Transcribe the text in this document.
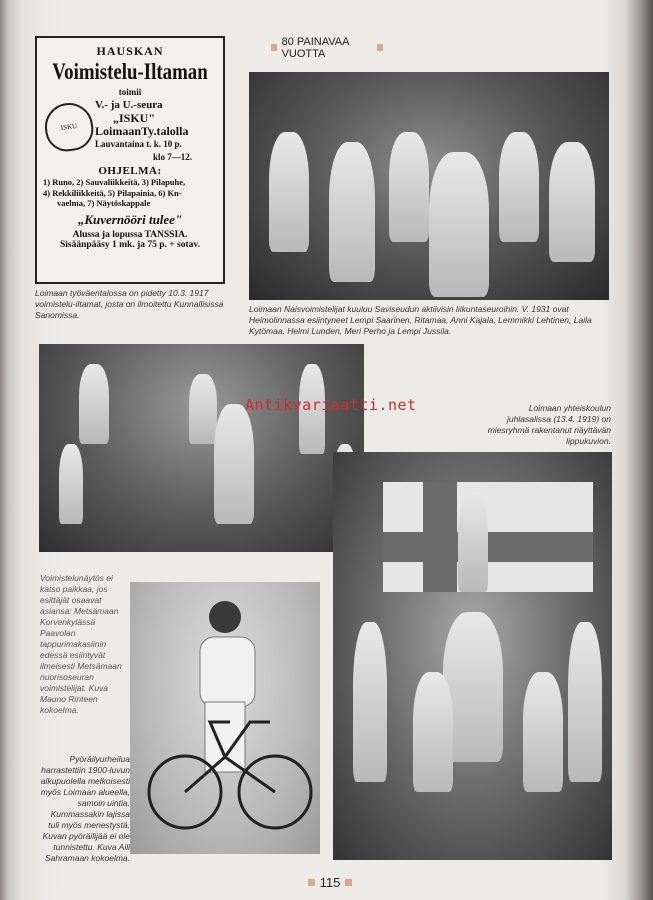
HAUSKAN
Voimistelu-Iltaman
toimii
ISKU
V.- ja U.-seura
„ISKU"
LoimaanTy.talolla
Lauvantaina t. k. 10 p.
klo 7—12.
OHJELMA:
1) Runo, 2) Sauvaliikkeitä, 3) Pilapuhe,
4) Rekkiliikkeitä, 5) Pilapainia, 6) Kn-
vaelma, 7) Näytöskappale
„Kuvernööri tulee"
Alussa ja lopussa TANSSIA.
Sisäänpääsy 1 mk. ja 75 p. + sotav.

Loimaan työväentalossa on pidetty 10.3. 1917 voimistelu-iltamat, josta on ilmoitettu Kunnallisissa Sanomissa.

80 PAINAVAA VUOTTA

Loimaan Naisvoimistelijat kuuluu Saviseudun aktiivisin liikuntaseuroihin. V. 1931 ovat Heimolinnassa esiintyneet Lempi Saarinen, Ritamaa, Anni Kajala, Lemmikki Lehtinen, Laila Kytömaa, Helmi Lunden, Meri Perho ja Lempi Jussila.

Loimaan yhteiskoulun juhlasalissa (13.4. 1919) on miesryhmä rakentanut näyttävän lippukuvion.

Voimistelunäytös ei katso paikkaa, jos esittäjät osaavat asiansa: Metsämaan Korvenkylässä Paavolan tappurimakasiinin edessä esiintyvät ilmeisesti Metsämaan nuorisoseuran voimistelijat. Kuva Mauno Rinteen kokoelma.

Pyöräilyurheilua harrastettiin 1900-luvun alkupuolella melkoisesti myös Loimaan alueella, samoin uintia. Kummassakin lajissa tuli myös menestystä. Kuvan pyöräilijää ei ole tunnistettu. Kuva Aili Sahramaan kokoelma.

Antikvariaatti.net
115
